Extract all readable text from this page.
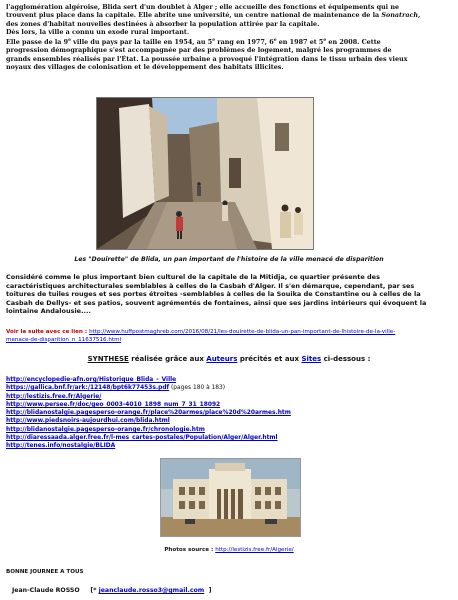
l'agglomération algéroise, Blida sert d'un doublet à Alger ; elle accueille des fonctions et équipements qui ne

trouvent plus place dans la capitale. Elle abrite une université, un centre national de maintenance de la Sonatrach,

des zones d'habitat nouvelles destinées à absorber la population attirée par la capitale.

Dès lors, la ville a connu un exode rural important.

Elle passe de la 9e ville du pays par la taille en 1954, au 5e rang en 1977, 6e en 1987 et 5e en 2008. Cette

progression démographique s'est accompagnée par des problèmes de logement, malgré les programmes de

grands ensembles réalisés par l'État. La poussée urbaine a provoqué l'intégration dans le tissu urbain des vieux

noyaux des villages de colonisation et le développement des habitats illicites.

Les "Douirette" de Blida, un pan important de l'histoire de la ville menacé de disparition

Considéré comme le plus important bien culturel de la capitale de la Mitidja, ce quartier présente des

caractéristiques architecturales semblables à celles de la Casbah d'Alger. Il s'en démarque, cependant, par ses

toitures de tuiles rouges et ses portes étroites -semblables à celles de la Souika de Constantine ou à celles de la

Casbah de Dellys- et ses patios, souvent agrémentés de fontaines, ainsi que ses jardins intérieurs qui évoquent la

lointaine Andalousie....

Voir la suite avec ce lien : http://www.huffpostmaghreb.com/2016/08/21/les-douirette-de-blida-un-pan-important-de-lhistoire-de-la-ville-
menace-de-disparition_n_11637516.html
SYNTHESE réalisée grâce aux Auteurs précités et aux Sites ci-dessous :
http://encyclopedie-afn.org/Historique_Blida_-_Ville
https://gallica.bnf.fr/ark:/12148/bpt6k77453s.pdf (pages 180 à 183)
http://lestizis.free.fr/Algerie/
http://www.persee.fr/doc/geo_0003-4010_1898_num_7_31_18092
http://blidanostalgie.pagesperso-orange.fr/place%20armes/place%20d%20armes.htm
http://www.piedsnoirs-aujourdhui.com/blida.html
http://blidanostalgie.pagesperso-orange.fr/chronologie.htm
http://diaressaada.alger.free.fr/l-mes_cartes-postales/Population/Alger/Alger.html
http://tenes.info/nostalgie/BLIDA
Photos source : http://lestizis.free.fr/Algerie/
BONNE JOURNEE A TOUS
Jean-Claude ROSSO     [* jeanclaude.rosso3@gmail.com  ]
